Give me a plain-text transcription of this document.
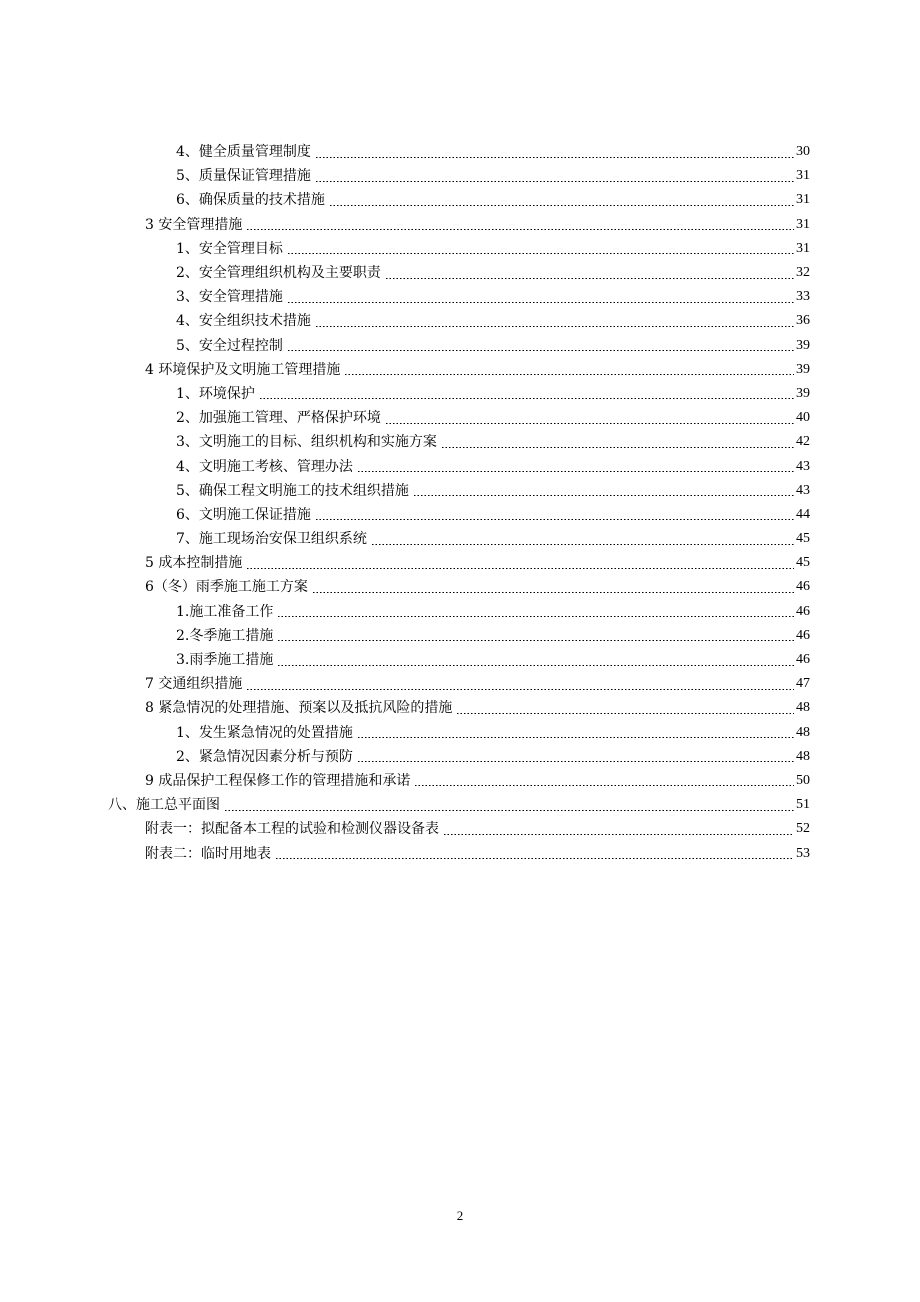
4、健全质量管理制度	30
5、质量保证管理措施	31
6、确保质量的技术措施	31
3 安全管理措施	31
1、安全管理目标	31
2、安全管理组织机构及主要职责	32
3、安全管理措施	33
4、安全组织技术措施	36
5、安全过程控制	39
4 环境保护及文明施工管理措施	39
1、环境保护	39
2、加强施工管理、严格保护环境	40
3、文明施工的目标、组织机构和实施方案	42
4、文明施工考核、管理办法	43
5、确保工程文明施工的技术组织措施	43
6、文明施工保证措施	44
7、施工现场治安保卫组织系统	45
5 成本控制措施	45
6（冬）雨季施工施工方案	46
1.施工准备工作	46
2.冬季施工措施	46
3.雨季施工措施	46
7 交通组织措施	47
8 紧急情况的处理措施、预案以及抵抗风险的措施	48
1、发生紧急情况的处置措施	48
2、紧急情况因素分析与预防	48
9 成品保护工程保修工作的管理措施和承诺	50
八、施工总平面图	51
附表一：拟配备本工程的试验和检测仪器设备表	52
附表二：临时用地表	53
2
